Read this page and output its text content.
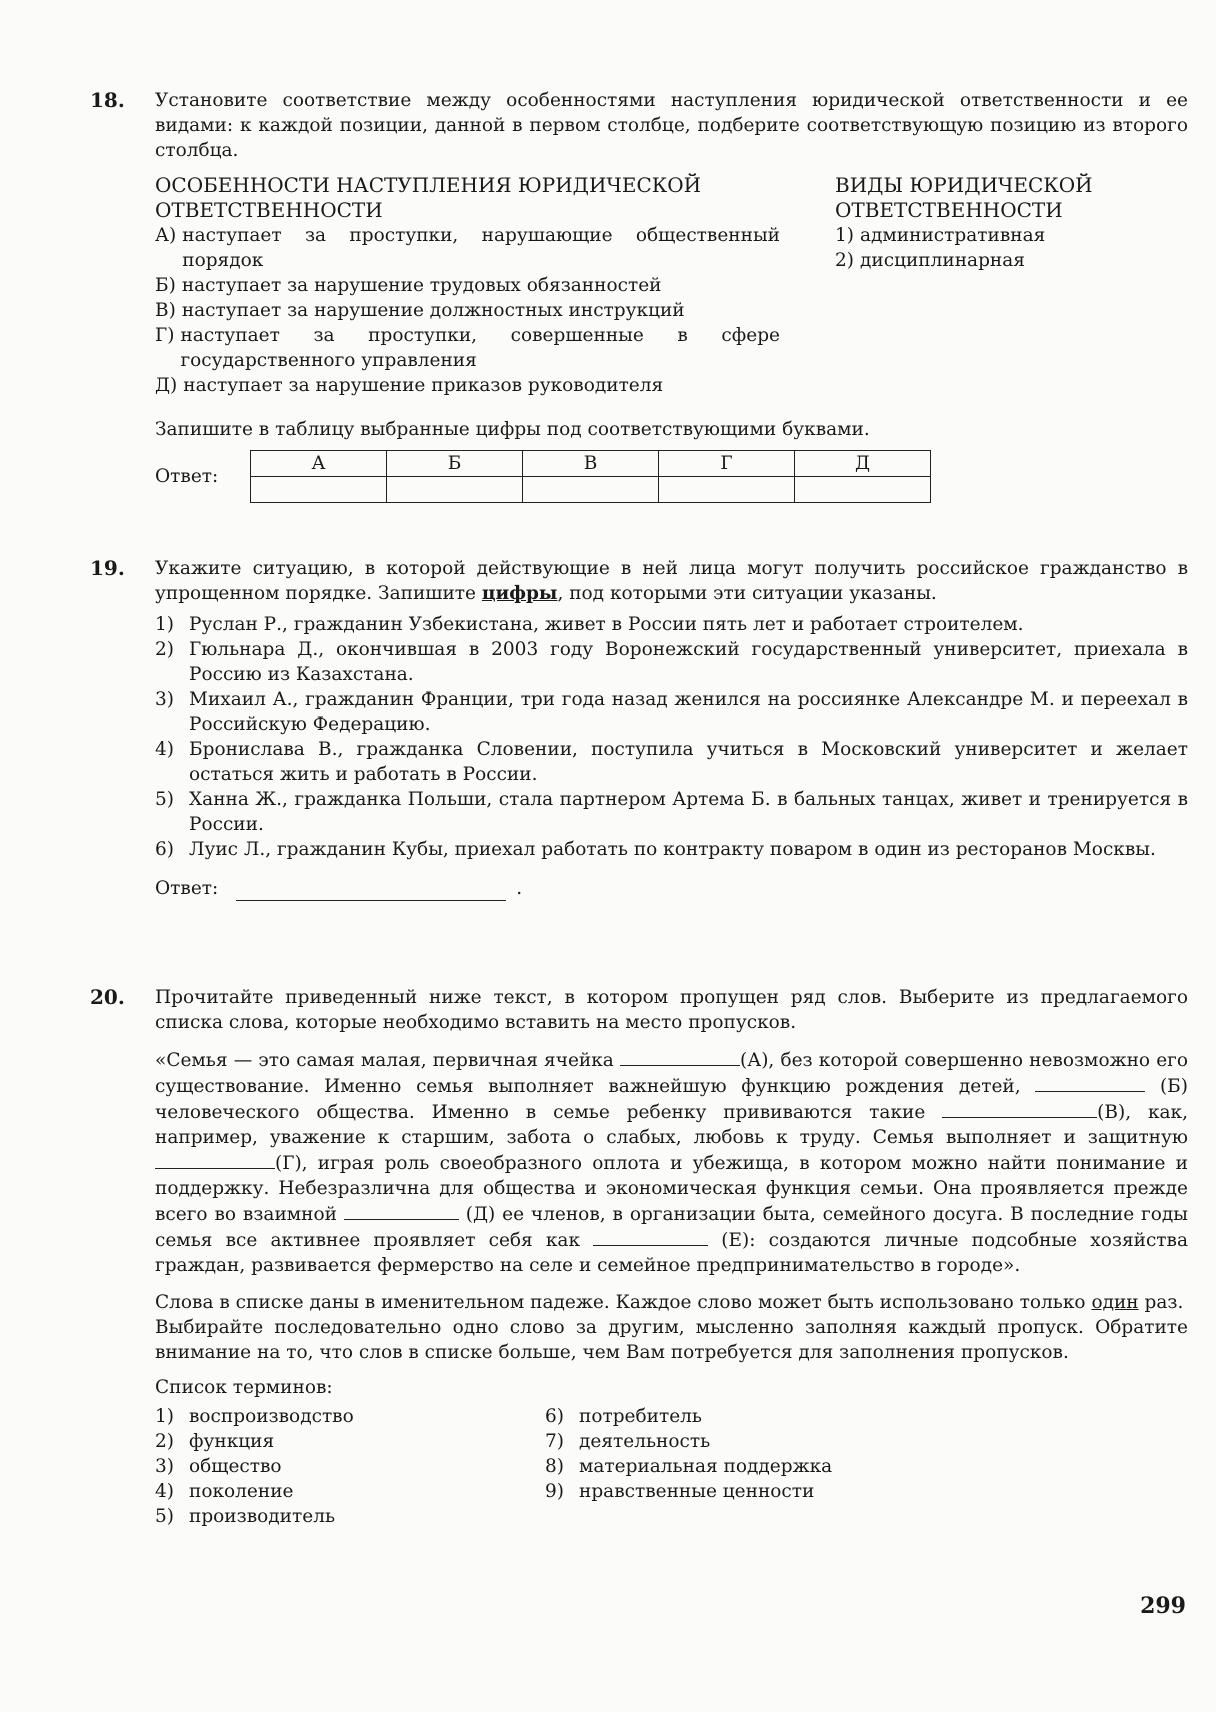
18. Установите соответствие между особенностями наступления юридической ответственности и ее видами: к каждой позиции, данной в первом столбце, подберите соответствующую позицию из второго столбца.
ОСОБЕННОСТИ НАСТУПЛЕНИЯ ЮРИДИЧЕСКОЙ ОТВЕТСТВЕННОСТИ
А) наступает за проступки, нарушающие общественный порядок
Б) наступает за нарушение трудовых обязанностей
В) наступает за нарушение должностных инструкций
Г) наступает за проступки, совершенные в сфере государственного управления
Д) наступает за нарушение приказов руководителя
ВИДЫ ЮРИДИЧЕСКОЙ ОТВЕТСТВЕННОСТИ
1) административная
2) дисциплинарная
Запишите в таблицу выбранные цифры под соответствующими буквами.
Ответ:
А	Б	В	Г	Д

19. Укажите ситуацию, в которой действующие в ней лица могут получить российское гражданство в упрощенном порядке. Запишите цифры, под которыми эти ситуации указаны.
1) Руслан Р., гражданин Узбекистана, живет в России пять лет и работает строителем.
2) Гюльнара Д., окончившая в 2003 году Воронежский государственный университет, приехала в Россию из Казахстана.
3) Михаил А., гражданин Франции, три года назад женился на россиянке Александре М. и переехал в Российскую Федерацию.
4) Бронислава В., гражданка Словении, поступила учиться в Московский университет и желает остаться жить и работать в России.
5) Ханна Ж., гражданка Польши, стала партнером Артема Б. в бальных танцах, живет и тренируется в России.
6) Луис Л., гражданин Кубы, приехал работать по контракту поваром в один из ресторанов Москвы.
Ответ:	.
20. Прочитайте приведенный ниже текст, в котором пропущен ряд слов. Выберите из предлагаемого списка слова, которые необходимо вставить на место пропусков.
«Семья — это самая малая, первичная ячейка	(А), без которой совершенно невозможно его существование. Именно семья выполняет важнейшую функцию рождения детей,	(Б) человеческого общества. Именно в семье ребенку прививаются такие	(В), как, например, уважение к старшим, забота о слабых, любовь к труду. Семья выполняет и защитную (Г), играя роль своеобразного оплота и убежища, в котором можно найти понимание и поддержку. Небезразлична для общества и экономическая функция семьи. Она проявляется прежде всего во взаимной	(Д) ее членов, в организации быта, семейного досуга. В последние годы семья все активнее проявляет себя как	(Е): создаются личные подсобные хозяйства граждан, развивается фермерство на селе и семейное предпринимательство в городе».
Слова в списке даны в именительном падеже. Каждое слово может быть использовано только один раз.
Выбирайте последовательно одно слово за другим, мысленно заполняя каждый пропуск. Обратите внимание на то, что слов в списке больше, чем Вам потребуется для заполнения пропусков.
Список терминов:
1) воспроизводство
2) функция
3) общество
4) поколение
5) производитель
6) потребитель
7) деятельность
8) материальная поддержка
9) нравственные ценности
299
